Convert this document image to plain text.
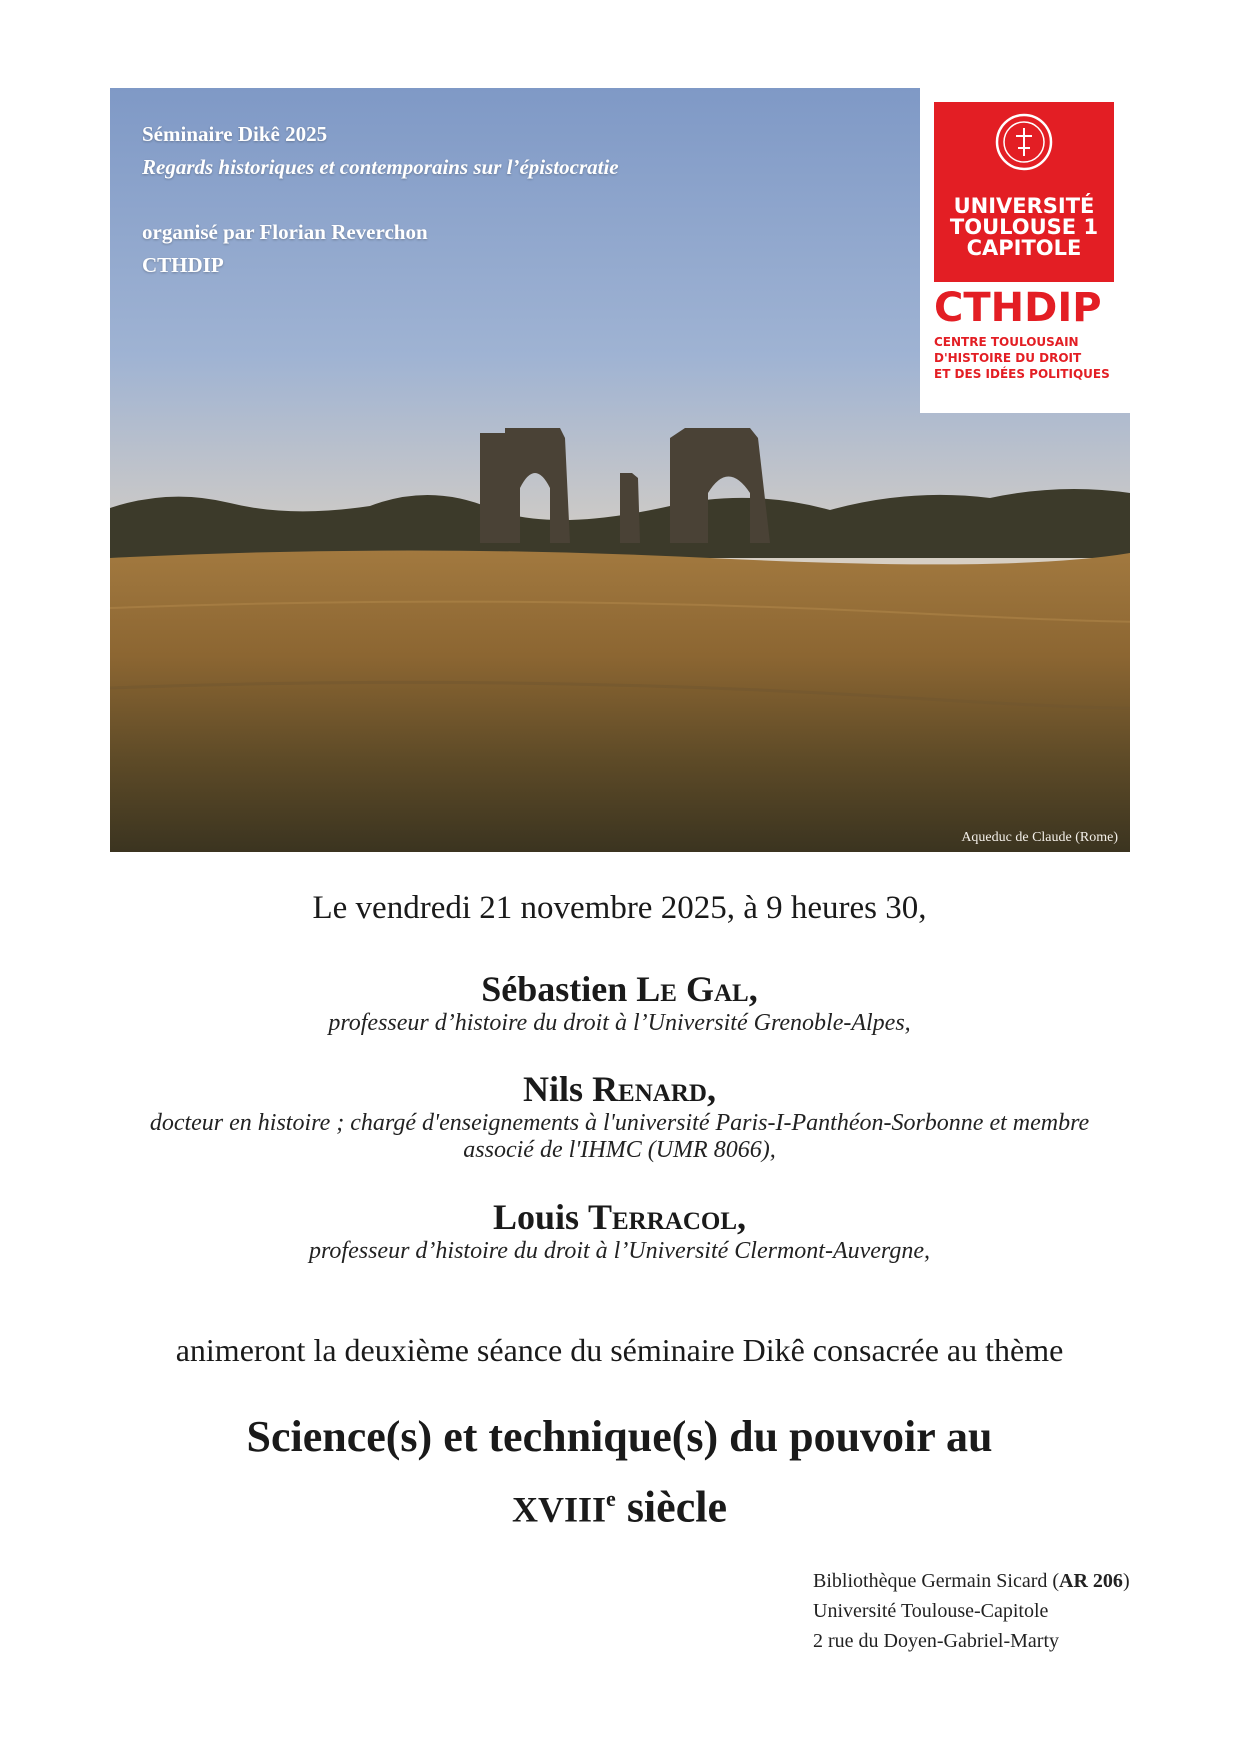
Séminaire Dikê 2025
Regards historiques et contemporains sur l’épistocratie
organisé par Florian Reverchon
CTHDIP
Aqueduc de Claude (Rome)
UNIVERSITÉ
TOULOUSE 1
CAPITOLE
CTHDIP
CENTRE TOULOUSAIN
D'HISTOIRE DU DROIT
ET DES IDÉES POLITIQUES
Le vendredi 21 novembre 2025, à 9 heures 30,
Sébastien Le Gal,
professeur d’histoire du droit à l’Université Grenoble-Alpes,
Nils Renard,
docteur en histoire ; chargé d'enseignements à l'université Paris-I-Panthéon-Sorbonne et membre
associé de l'IHMC (UMR 8066),
Louis Terracol,
professeur d’histoire du droit à l’Université Clermont-Auvergne,
animeront la deuxième séance du séminaire Dikê consacrée au thème
Science(s) et technique(s) du pouvoir au
XVIIIe siècle
Bibliothèque Germain Sicard (AR 206)
Université Toulouse-Capitole
2 rue du Doyen-Gabriel-Marty
